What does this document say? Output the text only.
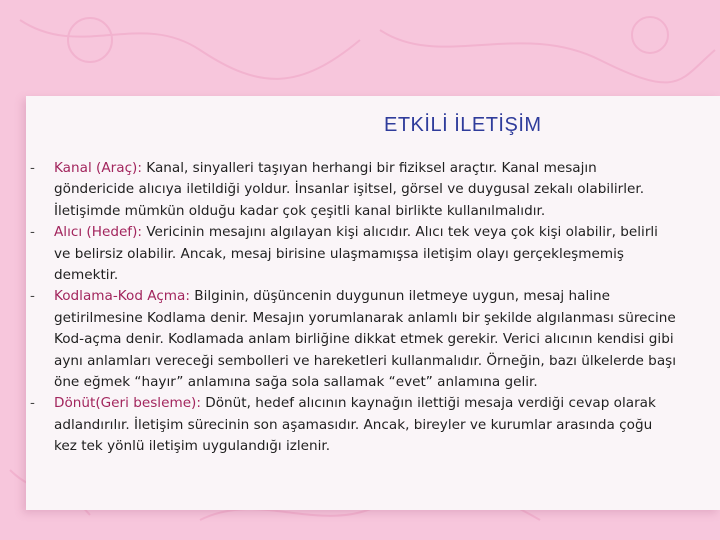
ETKİLİ İLETİŞİM
- Kanal (Araç): Kanal, sinyalleri taşıyan herhangi bir fiziksel araçtır. Kanal mesajın göndericide alıcıya iletildiği yoldur. İnsanlar işitsel, görsel ve duygusal zekalı olabilirler. İletişimde mümkün olduğu kadar çok çeşitli kanal birlikte kullanılmalıdır.
- Alıcı (Hedef): Vericinin mesajını algılayan kişi alıcıdır. Alıcı tek veya çok kişi olabilir, belirli ve belirsiz olabilir. Ancak, mesaj birisine ulaşmamışsa iletişim olayı gerçekleşmemiş demektir.
- Kodlama-Kod Açma: Bilginin, düşüncenin duygunun iletmeye uygun, mesaj haline getirilmesine Kodlama denir. Mesajın yorumlanarak anlamlı bir şekilde algılanması sürecine Kod-açma denir. Kodlamada anlam birliğine dikkat etmek gerekir. Verici alıcının kendisi gibi aynı anlamları vereceği sembolleri ve hareketleri kullanmalıdır. Örneğin, bazı ülkelerde başı öne eğmek “hayır” anlamına sağa sola sallamak “evet” anlamına gelir.
- Dönüt(Geri besleme): Dönüt, hedef alıcının kaynağın ilettiği mesaja verdiği cevap olarak adlandırılır. İletişim sürecinin son aşamasıdır. Ancak, bireyler ve kurumlar arasında çoğu kez tek yönlü iletişim uygulandığı izlenir.
